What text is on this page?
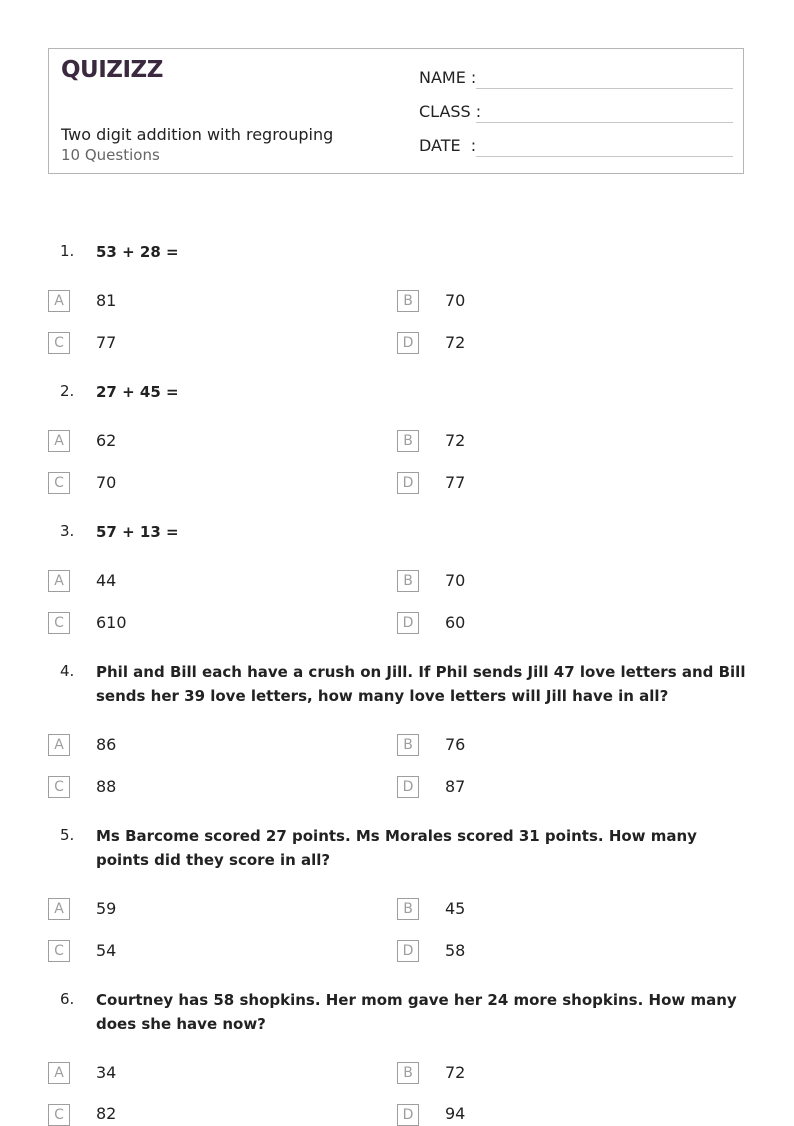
QUIZIZZ
Two digit addition with regrouping
10 Questions
NAME :
CLASS :
DATE  :
1. 53 + 28 =
A	81	B	70
C	77	D	72
2. 27 + 45 =
A	62	B	72
C	70	D	77
3. 57 + 13 =
A	44	B	70
C	610	D	60
4. Phil and Bill each have a crush on Jill. If Phil sends Jill 47 love letters and Bill sends her 39 love letters, how many love letters will Jill have in all?
A	86	B	76
C	88	D	87
5. Ms Barcome scored 27 points. Ms Morales scored 31 points. How many points did they score in all?
A	59	B	45
C	54	D	58
6. Courtney has 58 shopkins. Her mom gave her 24 more shopkins. How many does she have now?
A	34	B	72
C	82	D	94
